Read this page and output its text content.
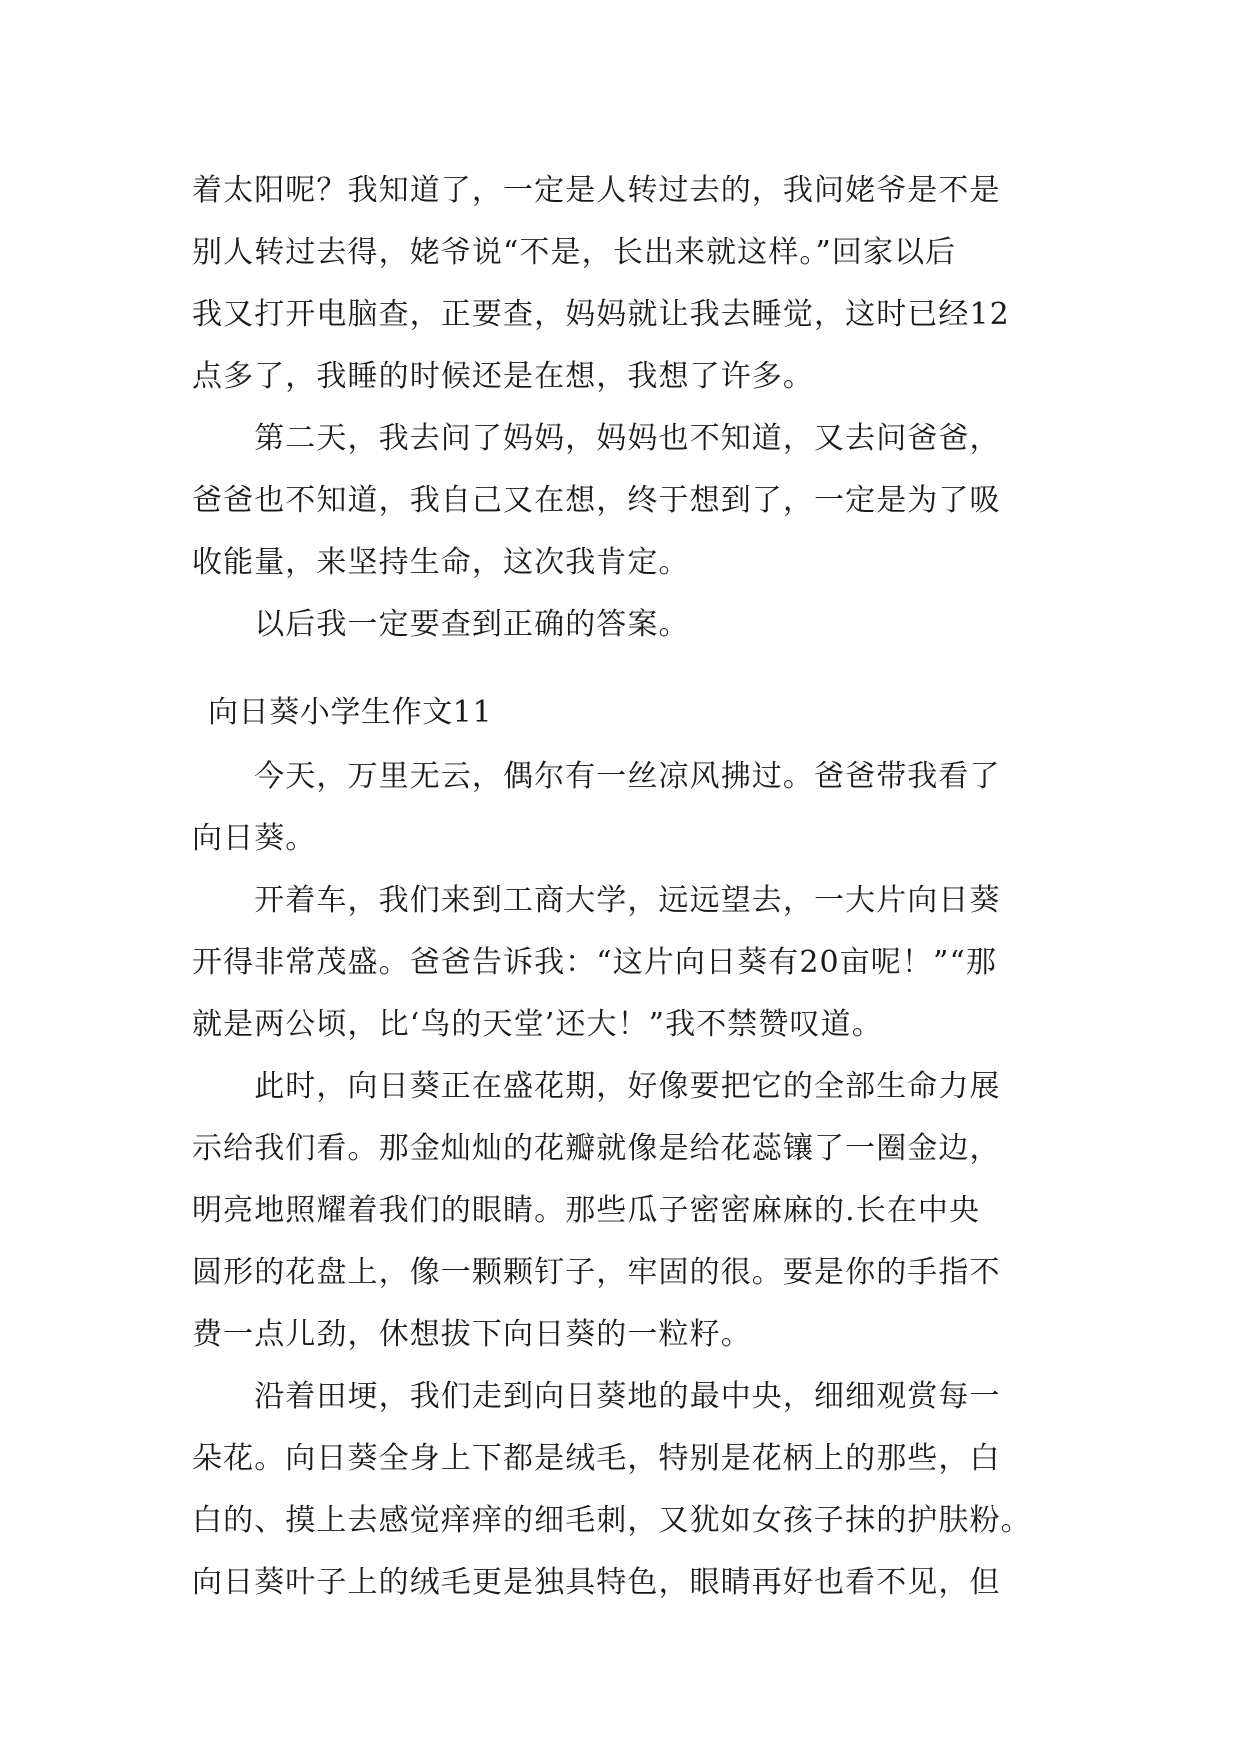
着太阳呢？我知道了，一定是人转过去的，我问姥爷是不是
别人转过去得，姥爷说“不是，长出来就这样。”回家以后
我又打开电脑查，正要查，妈妈就让我去睡觉，这时已经12
点多了，我睡的时候还是在想，我想了许多。
　　第二天，我去问了妈妈，妈妈也不知道，又去问爸爸，
爸爸也不知道，我自己又在想，终于想到了，一定是为了吸
收能量，来坚持生命，这次我肯定。
　　以后我一定要查到正确的答案。
向日葵小学生作文11
　　今天，万里无云，偶尔有一丝凉风拂过。爸爸带我看了
向日葵。
　　开着车，我们来到工商大学，远远望去，一大片向日葵
开得非常茂盛。爸爸告诉我：“这片向日葵有20亩呢！”“那
就是两公顷，比‘鸟的天堂’还大！”我不禁赞叹道。
　　此时，向日葵正在盛花期，好像要把它的全部生命力展
示给我们看。那金灿灿的花瓣就像是给花蕊镶了一圈金边，
明亮地照耀着我们的眼睛。那些瓜子密密麻麻的.长在中央
圆形的花盘上，像一颗颗钉子，牢固的很。要是你的手指不
费一点儿劲，休想拔下向日葵的一粒籽。
　　沿着田埂，我们走到向日葵地的最中央，细细观赏每一
朵花。向日葵全身上下都是绒毛，特别是花柄上的那些，白
白的、摸上去感觉痒痒的细毛刺，又犹如女孩子抹的护肤粉。
向日葵叶子上的绒毛更是独具特色，眼睛再好也看不见，但
